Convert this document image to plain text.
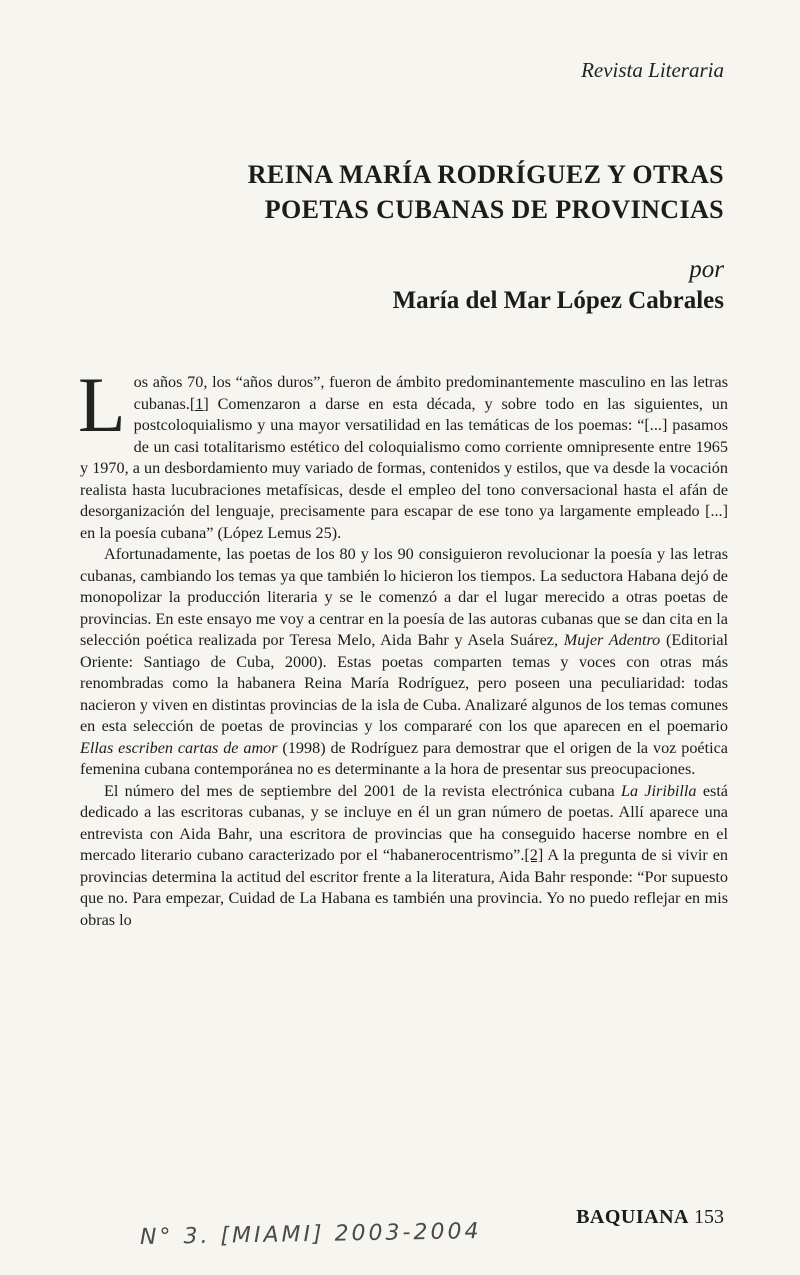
Revista Literaria
REINA MARÍA RODRÍGUEZ Y OTRAS
POETAS CUBANAS DE PROVINCIAS
por
María del Mar López Cabrales

Los años 70, los “años duros”, fueron de ámbito predominantemente masculino en las letras cubanas.[1] Comenzaron a darse en esta década, y sobre todo en las siguientes, un postcoloquialismo y una mayor versatilidad en las temáticas de los poemas: “[...] pasamos de un casi totalitarismo estético del coloquialismo como corriente omnipresente entre 1965 y 1970, a un desbordamiento muy variado de formas, contenidos y estilos, que va desde la vocación realista hasta lucubraciones metafísicas, desde el empleo del tono conversacional hasta el afán de desorganización del lenguaje, precisamente para escapar de ese tono ya largamente empleado [...] en la poesía cubana” (López Lemus 25).

Afortunadamente, las poetas de los 80 y los 90 consiguieron revolucionar la poesía y las letras cubanas, cambiando los temas ya que también lo hicieron los tiempos. La seductora Habana dejó de monopolizar la producción literaria y se le comenzó a dar el lugar merecido a otras poetas de provincias. En este ensayo me voy a centrar en la poesía de las autoras cubanas que se dan cita en la selección poética realizada por Teresa Melo, Aida Bahr y Asela Suárez, Mujer Adentro (Editorial Oriente: Santiago de Cuba, 2000). Estas poetas comparten temas y voces con otras más renombradas como la habanera Reina María Rodríguez, pero poseen una peculiaridad: todas nacieron y viven en distintas provincias de la isla de Cuba. Analizaré algunos de los temas comunes en esta selección de poetas de provincias y los compararé con los que aparecen en el poemario Ellas escriben cartas de amor (1998) de Rodríguez para demostrar que el origen de la voz poética femenina cubana contemporánea no es determinante a la hora de presentar sus preocupaciones.

El número del mes de septiembre del 2001 de la revista electrónica cubana La Jiribilla está dedicado a las escritoras cubanas, y se incluye en él un gran número de poetas. Allí aparece una entrevista con Aida Bahr, una escritora de provincias que ha conseguido hacerse nombre en el mercado literario cubano caracterizado por el “habanerocentrismo”.[2] A la pregunta de si vivir en provincias determina la actitud del escritor frente a la literatura, Aida Bahr responde: “Por supuesto que no. Para empezar, Cuidad de La Habana es también una provincia. Yo no puedo reflejar en mis obras lo

N° 3. [MIAMI] 2003-2004
BAQUIANA 153
